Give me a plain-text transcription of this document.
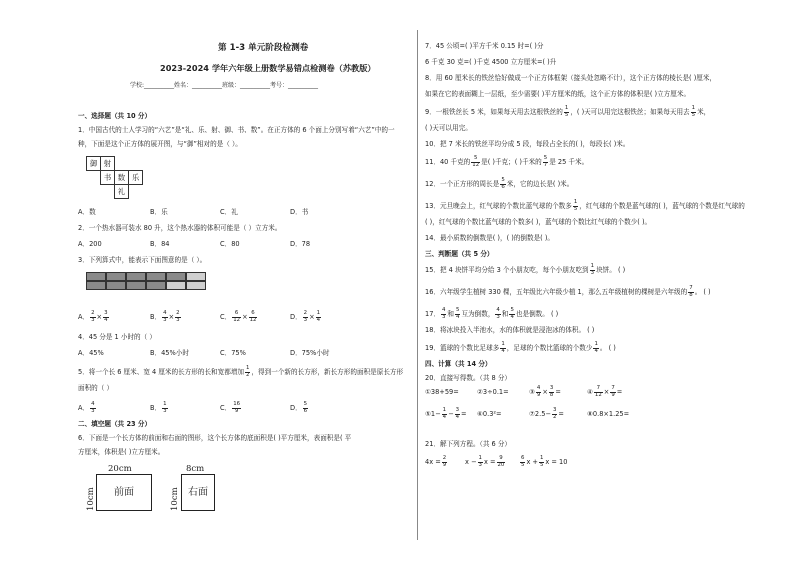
第 1-3 单元阶段检测卷
2023-2024 学年六年级上册数学易错点检测卷（苏教版）
学校:__________姓名：__________班级：__________考号：__________
一、选择题（共 10 分）
1．中国古代的士人学习的“六艺”是“礼、乐、射、御、书、数”。在正方体的 6 个面上分别写着“六艺”中的一
种，下面是这个正方体的展开图，与“御”相对的是（ ）。
御 射
书 数 乐
礼
A．数	B．乐	C．礼	D．书
2．一个热水器可装水 80 升，这个热水器的体积可能是（ ）立方米。
A．200	B．84	C．80	D．78
3．下列算式中，能表示下面图意的是（ ）。
A． $\frac{2}{3} \times \frac{3}{4}$	B． $\frac{4}{3} \times \frac{2}{3}$	C． $\frac{6}{12} \times \frac{6}{12}$	D． $\frac{2}{3} \times \frac{1}{4}$
4．45 分是 1 小时的（ ）
A．45%	B．45%小时	C．75%	D．75%小时
5．将一个长 6 厘米、宽 4 厘米的长方形的长和宽都增加 $\frac{1}{2}$ ，得到一个新的长方形，新长方形的面积是原长方形
面积的（ ）
A． $\frac{4}{3}$	B． $\frac{1}{3}$	C． $\frac{16}{9}$	D． $\frac{5}{6}$
二、填空题（共 23 分）
6．下面是一个长方体的前面和右面的图形，这个长方体的底面积是( )平方厘米，表面积是( 平
方厘米，体积是( )立方厘米。
20cm	8cm
10cm	10cm
前面	右面
7．45 公顷=( )平方千米 0.15 时=( )分
6 千克 30 克=( )千克 4500 立方厘米=( )升
8．用 60 厘米长的铁丝恰好做成一个正方体框架（接头处忽略不计），这个正方体的棱长是( )厘米，
如果在它的表面糊上一层纸，至少需要( )平方厘米的纸，这个正方体的体积是( )立方厘米。
9．一根铁丝长 5 米，如果每天用去这根铁丝的 $\frac{1}{5}$ ，( )天可以用完这根铁丝；如果每天用去 $\frac{1}{5}$ 米，
( )天可以用完。
10．把 7 米长的铁丝平均分成 5 段，每段占全长的( )，每段长( )米。
11．40 千克的 $\frac{5}{12}$ 是( )千克；( )千米的 $\frac{5}{7}$ 是 25 千米。
12．一个正方形的周长是 $\frac{5}{6}$ 米，它的边长是( )米。
13．元旦晚会上，红气球的个数比蓝气球的个数多 $\frac{1}{5}$ ，红气球的个数是蓝气球的( )，蓝气球的个数是红气球的
( )，红气球的个数比蓝气球的个数多( )，蓝气球的个数比红气球的个数少( )。
14．最小质数的倒数是( )，( )的倒数是( )。
三、判断题（共 5 分）
15．把 4 块饼平均分给 3 个小朋友吃，每个小朋友吃到 $\frac{1}{3}$ 块饼。 ( )
16．六年级学生植树 330 棵，五年级比六年级少植 1，那么五年级植树的棵树是六年级的 $\frac{7}{8}$ 。 ( )
17． $\frac{4}{3}$ 和 $\frac{5}{4}$ 互为倒数， $\frac{4}{3}$ 和 $\frac{5}{4}$ 也是倒数。 ( )
18．将冰块投入半池水，水的体积就是浸泡冰的体积。 ( )
19．篮球的个数比足球多 $\frac{1}{4}$ ，足球的个数比篮球的个数少 $\frac{1}{4}$ 。 ( )
四、计算（共 14 分）
20．直接写得数。（共 8 分）
①38+59=	②3÷0.1=	③ $\frac{4}{9} \times \frac{3}{8}$ =	④ $\frac{7}{12} \times \frac{7}{9}$ =
⑤1− $\frac{1}{4} - \frac{3}{4}$ = ⑥0.3²=	⑦2.5− $\frac{3}{2}$ =	⑧0.8×1.25=
21．解下列方程。（共 6 分）
$4x = \frac{2}{9}$	$x - \frac{1}{3}$ $x = \frac{9}{20}$	$\frac{6}{5}$ $x + \frac{1}{5}$ x = 10
